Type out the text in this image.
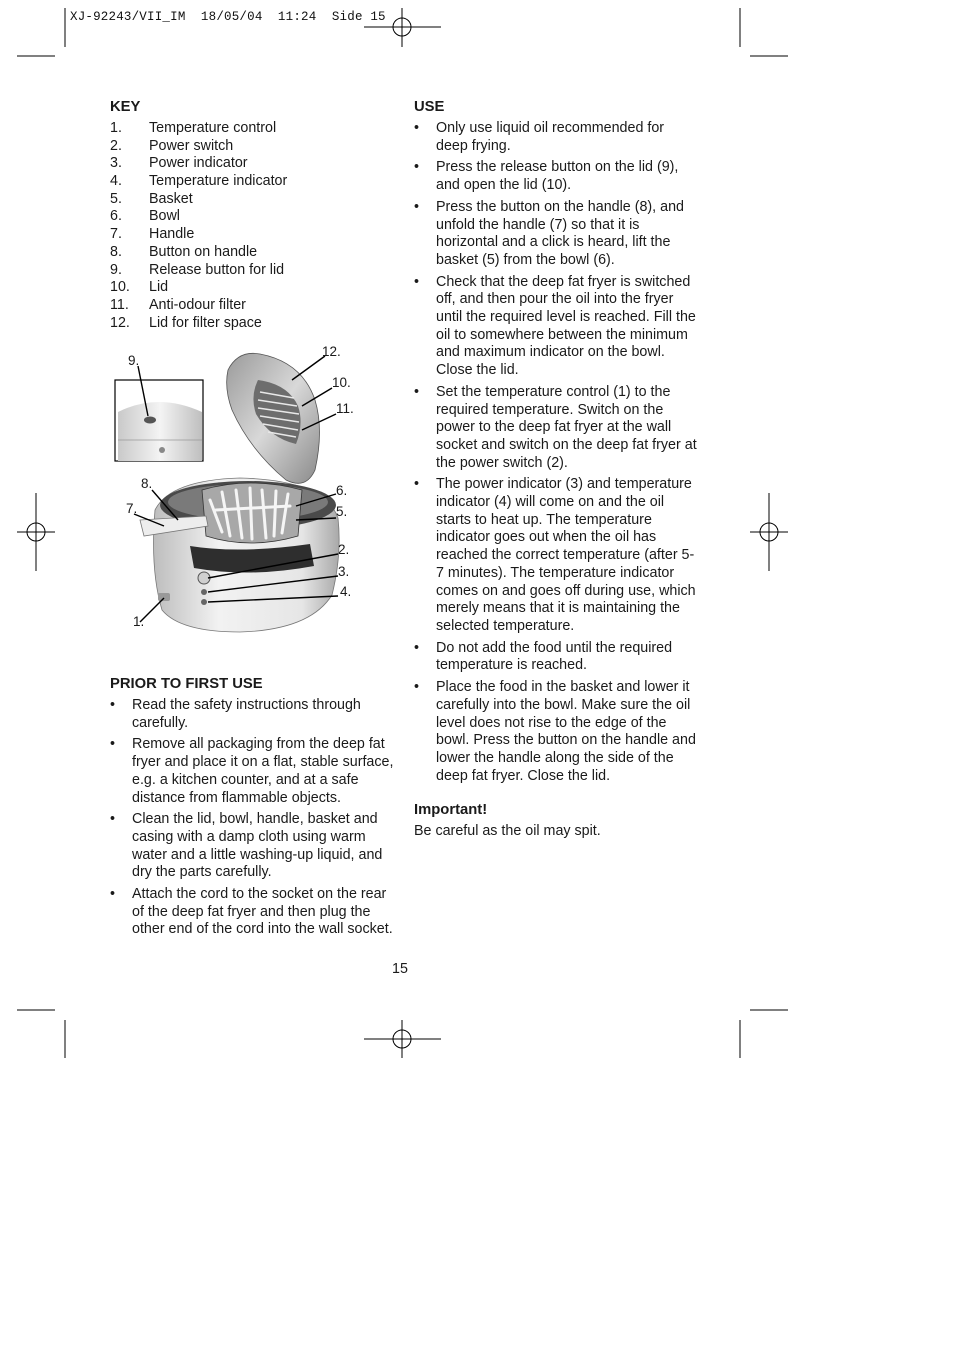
XJ-92243/VII_IM  18/05/04  11:24  Side 15
KEY
1.	Temperature control
2.	Power switch
3.	Power indicator
4.	Temperature indicator
5.	Basket
6.	Bowl
7.	Handle
8.	Button on handle
9.	Release button for lid
10.	Lid
11.	Anti-odour filter
12.	Lid for filter space
9.
12.
10.
11.
8.	6.
7.	5.
2.
3.
4.
1.
PRIOR TO FIRST USE
•	Read the safety instructions through carefully.
•	Remove all packaging from the deep fat fryer and place it on a flat, stable surface, e.g. a kitchen counter, and at a safe distance from flammable objects.
•	Clean the lid, bowl, handle, basket and casing with a damp cloth using warm water and a little washing-up liquid, and dry the parts carefully.
•	Attach the cord to the socket on the rear of the deep fat fryer and then plug the other end of the cord into the wall socket.
USE
•	Only use liquid oil recommended for deep frying.
•	Press the release button on the lid (9), and open the lid (10).
•	Press the button on the handle (8), and unfold the handle (7) so that it is horizontal and a click is heard, lift the basket (5) from the bowl (6).
•	Check that the deep fat fryer is switched off, and then pour the oil into the fryer until the required level is reached. Fill the oil to somewhere between the minimum and maximum indicator on the bowl. Close the lid.
•	Set the temperature control (1) to the required temperature. Switch on the power to the deep fat fryer at the wall socket and switch on the deep fat fryer at the power switch (2).
•	The power indicator (3) and temperature indicator (4) will come on and the oil starts to heat up. The temperature indicator goes out when the oil has reached the correct temperature (after 5-7 minutes). The temperature indicator comes on and goes off during use, which merely means that it is maintaining the selected temperature.
•	Do not add the food until the required temperature is reached.
•	Place the food in the basket and lower it carefully into the bowl. Make sure the oil level does not rise to the edge of the bowl. Press the button on the handle and lower the handle along the side of the deep fat fryer. Close the lid.
Important!

Be careful as the oil may spit.

15
